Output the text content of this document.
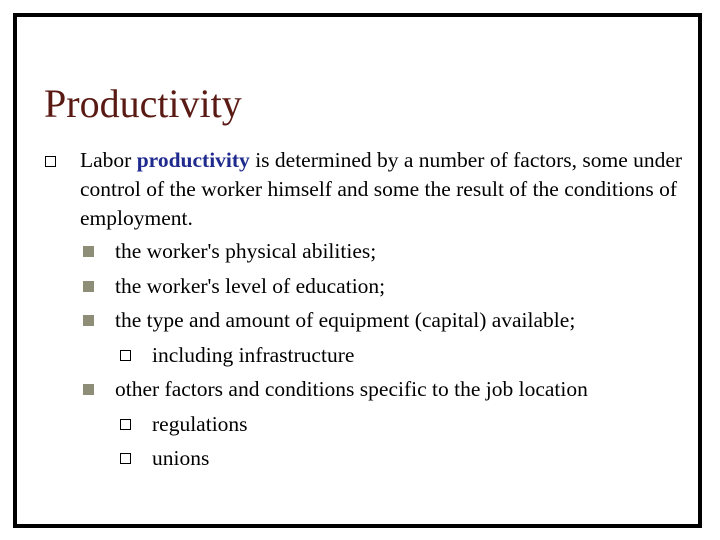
Productivity

Labor productivity is determined by a number of factors, some under control of the worker himself and some the result of the conditions of employment.

the worker's physical abilities;
the worker's level of education;
the type and amount of equipment (capital) available;
including infrastructure
other factors and conditions specific to the job location
regulations
unions
